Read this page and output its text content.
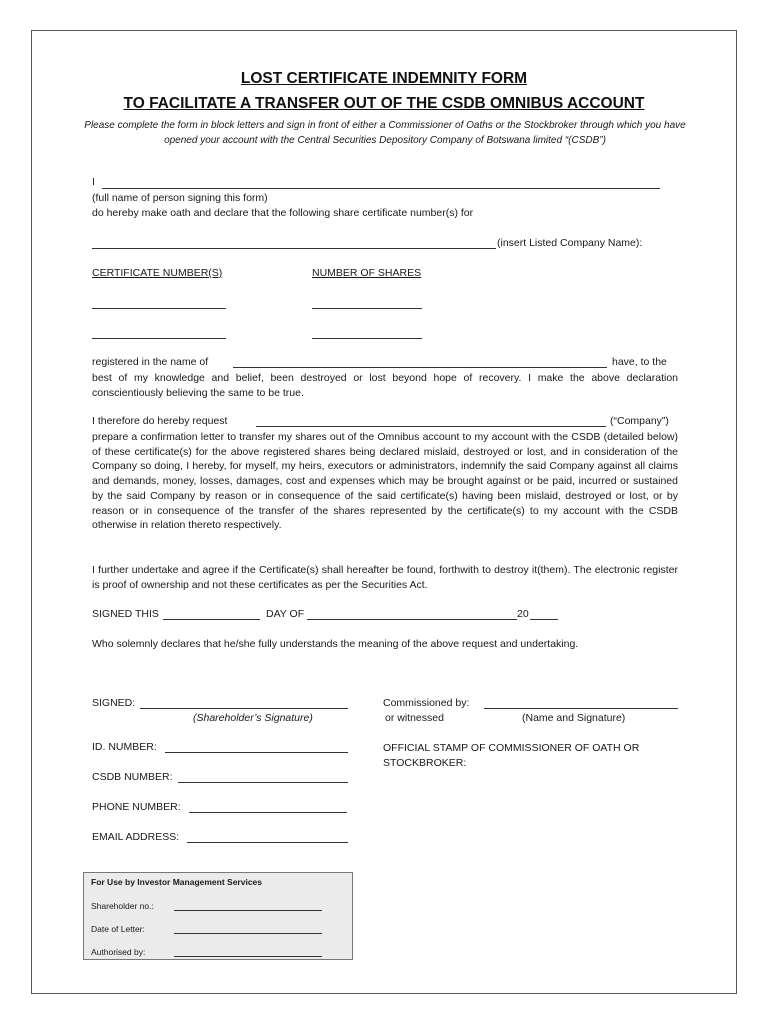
LOST CERTIFICATE INDEMNITY FORM
TO FACILITATE A TRANSFER OUT OF THE CSDB OMNIBUS ACCOUNT
Please complete the form in block letters and sign in front of either a Commissioner of Oaths or the Stockbroker through which you have opened your account with the Central Securities Depository Company of Botswana limited “(CSDB”)
I
(full name of person signing this form)
do hereby make oath and declare that the following share certificate number(s) for
(insert Listed Company Name):
CERTIFICATE NUMBER(S)	NUMBER OF SHARES
registered in the name of	have, to the
best of my knowledge and belief, been destroyed or lost beyond hope of recovery. I make the above declaration conscientiously believing the same to be true.
I therefore do hereby request	(“Company”)
prepare a confirmation letter to transfer my shares out of the Omnibus account to my account with the CSDB (detailed below) of these certificate(s) for the above registered shares being declared mislaid, destroyed or lost, and in consideration of the Company so doing, I hereby, for myself, my heirs, executors or administrators, indemnify the said Company against all claims and demands, money, losses, damages, cost and expenses which may be brought against or be paid, incurred or sustained by the said Company by reason or in consequence of the said certificate(s) having been mislaid, destroyed or lost, or by reason or in consequence of the transfer of the shares represented by the certificate(s) to my account with the CSDB otherwise in relation thereto respectively.
I further undertake and agree if the Certificate(s) shall hereafter be found, forthwith to destroy it(them). The electronic register is proof of ownership and not these certificates as per the Securities Act.
SIGNED THIS	DAY OF	20
Who solemnly declares that he/she fully understands the meaning of the above request and undertaking.
SIGNED:
(Shareholder’s Signature)
Commissioned by:
or witnessed	(Name and Signature)
ID. NUMBER:	OFFICIAL STAMP OF COMMISSIONER OF OATH OR STOCKBROKER:
CSDB NUMBER:
PHONE NUMBER:
EMAIL ADDRESS:
For Use by Investor Management Services
Shareholder no.:
Date of Letter:
Authorised by:
